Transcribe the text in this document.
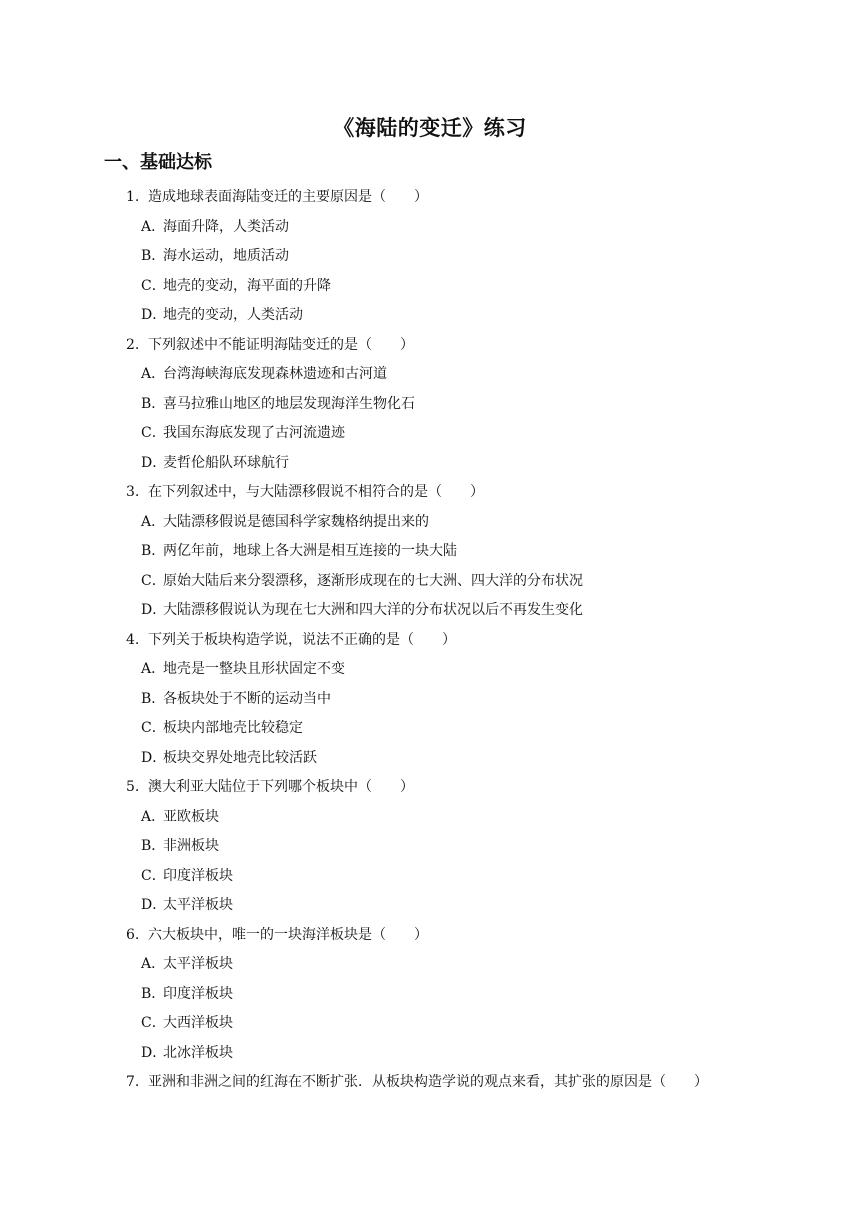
《海陆的变迁》练习
一、基础达标
1. 造成地球表面海陆变迁的主要原因是（　　）
A．
海面升降，人类活动
B．
海水运动，地质活动
C．
地壳的变动，海平面的升降
D．
地壳的变动，人类活动
2. 下列叙述中不能证明海陆变迁的是（　　）
A．
台湾海峡海底发现森林遗迹和古河道
B．
喜马拉雅山地区的地层发现海洋生物化石
C．
我国东海底发现了古河流遗迹
D．
麦哲伦船队环球航行
3. 在下列叙述中，与大陆漂移假说不相符合的是（　　）
A．
大陆漂移假说是德国科学家魏格纳提出来的
B．
两亿年前，地球上各大洲是相互连接的一块大陆
C．
原始大陆后来分裂漂移，逐渐形成现在的七大洲、四大洋的分布状况
D．
大陆漂移假说认为现在七大洲和四大洋的分布状况以后不再发生变化
4. 下列关于板块构造学说，说法不正确的是（　　）
A．
地壳是一整块且形状固定不变
B．
各板块处于不断的运动当中
C．
板块内部地壳比较稳定
D．
板块交界处地壳比较活跃
5. 澳大利亚大陆位于下列哪个板块中（　　）
A．
亚欧板块
B．
非洲板块
C．
印度洋板块
D．
太平洋板块
6. 六大板块中，唯一的一块海洋板块是（　　）
A．
太平洋板块
B．
印度洋板块
C．
大西洋板块
D．
北冰洋板块
7. 亚洲和非洲之间的红海在不断扩张．从板块构造学说的观点来看，其扩张的原因是（　　）
